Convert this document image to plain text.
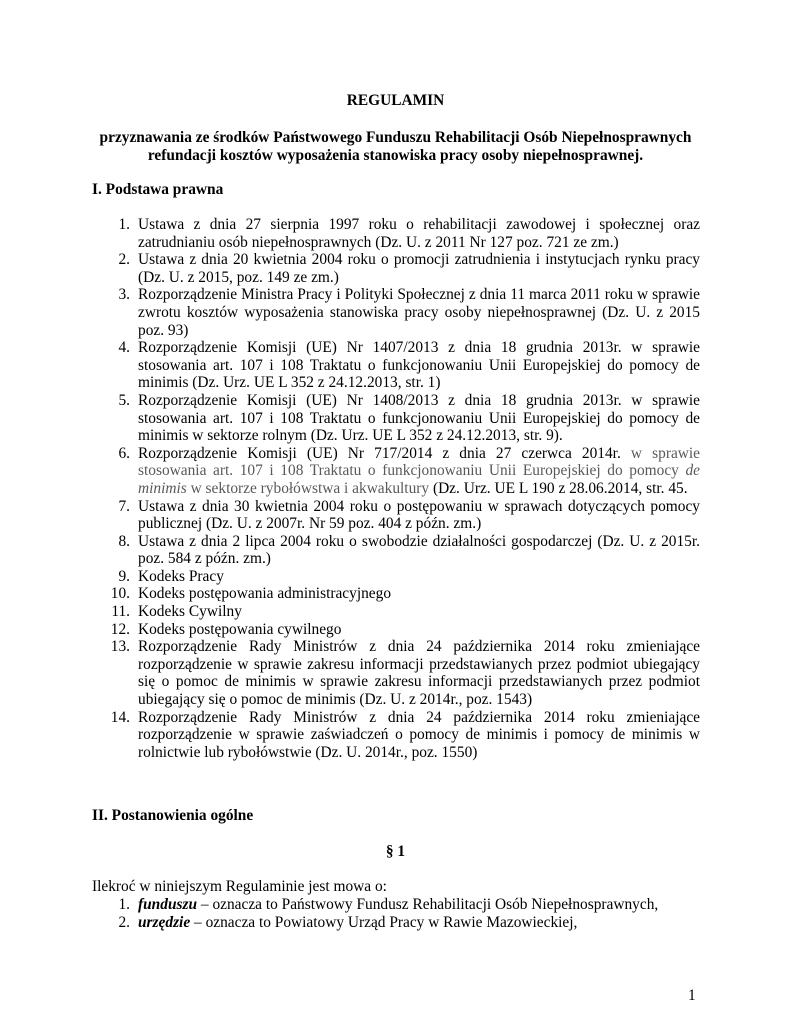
REGULAMIN
przyznawania ze środków Państwowego Funduszu Rehabilitacji Osób Niepełnosprawnych
refundacji kosztów wyposażenia stanowiska pracy osoby niepełnosprawnej.
I. Podstawa prawna
1. Ustawa z dnia 27 sierpnia 1997 roku o rehabilitacji zawodowej i społecznej oraz zatrudnianiu osób niepełnosprawnych (Dz. U. z 2011 Nr 127 poz. 721 ze zm.)
2. Ustawa z dnia 20 kwietnia 2004 roku o promocji zatrudnienia i instytucjach rynku pracy (Dz. U. z 2015, poz. 149 ze zm.)
3. Rozporządzenie Ministra Pracy i Polityki Społecznej z dnia 11 marca 2011 roku w sprawie zwrotu kosztów wyposażenia stanowiska pracy osoby niepełnosprawnej (Dz. U. z 2015 poz. 93)
4. Rozporządzenie Komisji (UE) Nr 1407/2013 z dnia 18 grudnia 2013r. w sprawie stosowania art. 107 i 108 Traktatu o funkcjonowaniu Unii Europejskiej do pomocy de minimis (Dz. Urz. UE L 352 z 24.12.2013, str. 1)
5. Rozporządzenie Komisji (UE) Nr 1408/2013 z dnia 18 grudnia 2013r. w sprawie stosowania art. 107 i 108 Traktatu o funkcjonowaniu Unii Europejskiej do pomocy de minimis w sektorze rolnym (Dz. Urz. UE L 352 z 24.12.2013, str. 9).
6. Rozporządzenie Komisji (UE) Nr 717/2014 z dnia 27 czerwca 2014r. w sprawie stosowania art. 107 i 108 Traktatu o funkcjonowaniu Unii Europejskiej do pomocy de minimis w sektorze rybołówstwa i akwakultury (Dz. Urz. UE L 190 z 28.06.2014, str. 45.
7. Ustawa z dnia 30 kwietnia 2004 roku o postępowaniu w sprawach dotyczących pomocy publicznej (Dz. U. z 2007r. Nr 59 poz. 404 z późn. zm.)
8. Ustawa z dnia 2 lipca 2004 roku o swobodzie działalności gospodarczej (Dz. U. z 2015r. poz. 584 z późn. zm.)
9. Kodeks Pracy
10. Kodeks postępowania administracyjnego
11. Kodeks Cywilny
12. Kodeks postępowania cywilnego
13. Rozporządzenie Rady Ministrów z dnia 24 października 2014 roku zmieniające rozporządzenie w sprawie zakresu informacji przedstawianych przez podmiot ubiegający się o pomoc de minimis w sprawie zakresu informacji przedstawianych przez podmiot ubiegający się o pomoc de minimis (Dz. U. z 2014r., poz. 1543)
14. Rozporządzenie Rady Ministrów z dnia 24 października 2014 roku zmieniające rozporządzenie w sprawie zaświadczeń o pomocy de minimis i pomocy de minimis w rolnictwie lub rybołówstwie (Dz. U. 2014r., poz. 1550)
II. Postanowienia ogólne
§ 1
Ilekroć w niniejszym Regulaminie jest mowa o:
1. funduszu – oznacza to Państwowy Fundusz Rehabilitacji Osób Niepełnosprawnych,
2. urzędzie – oznacza to Powiatowy Urząd Pracy w Rawie Mazowieckiej,
1
